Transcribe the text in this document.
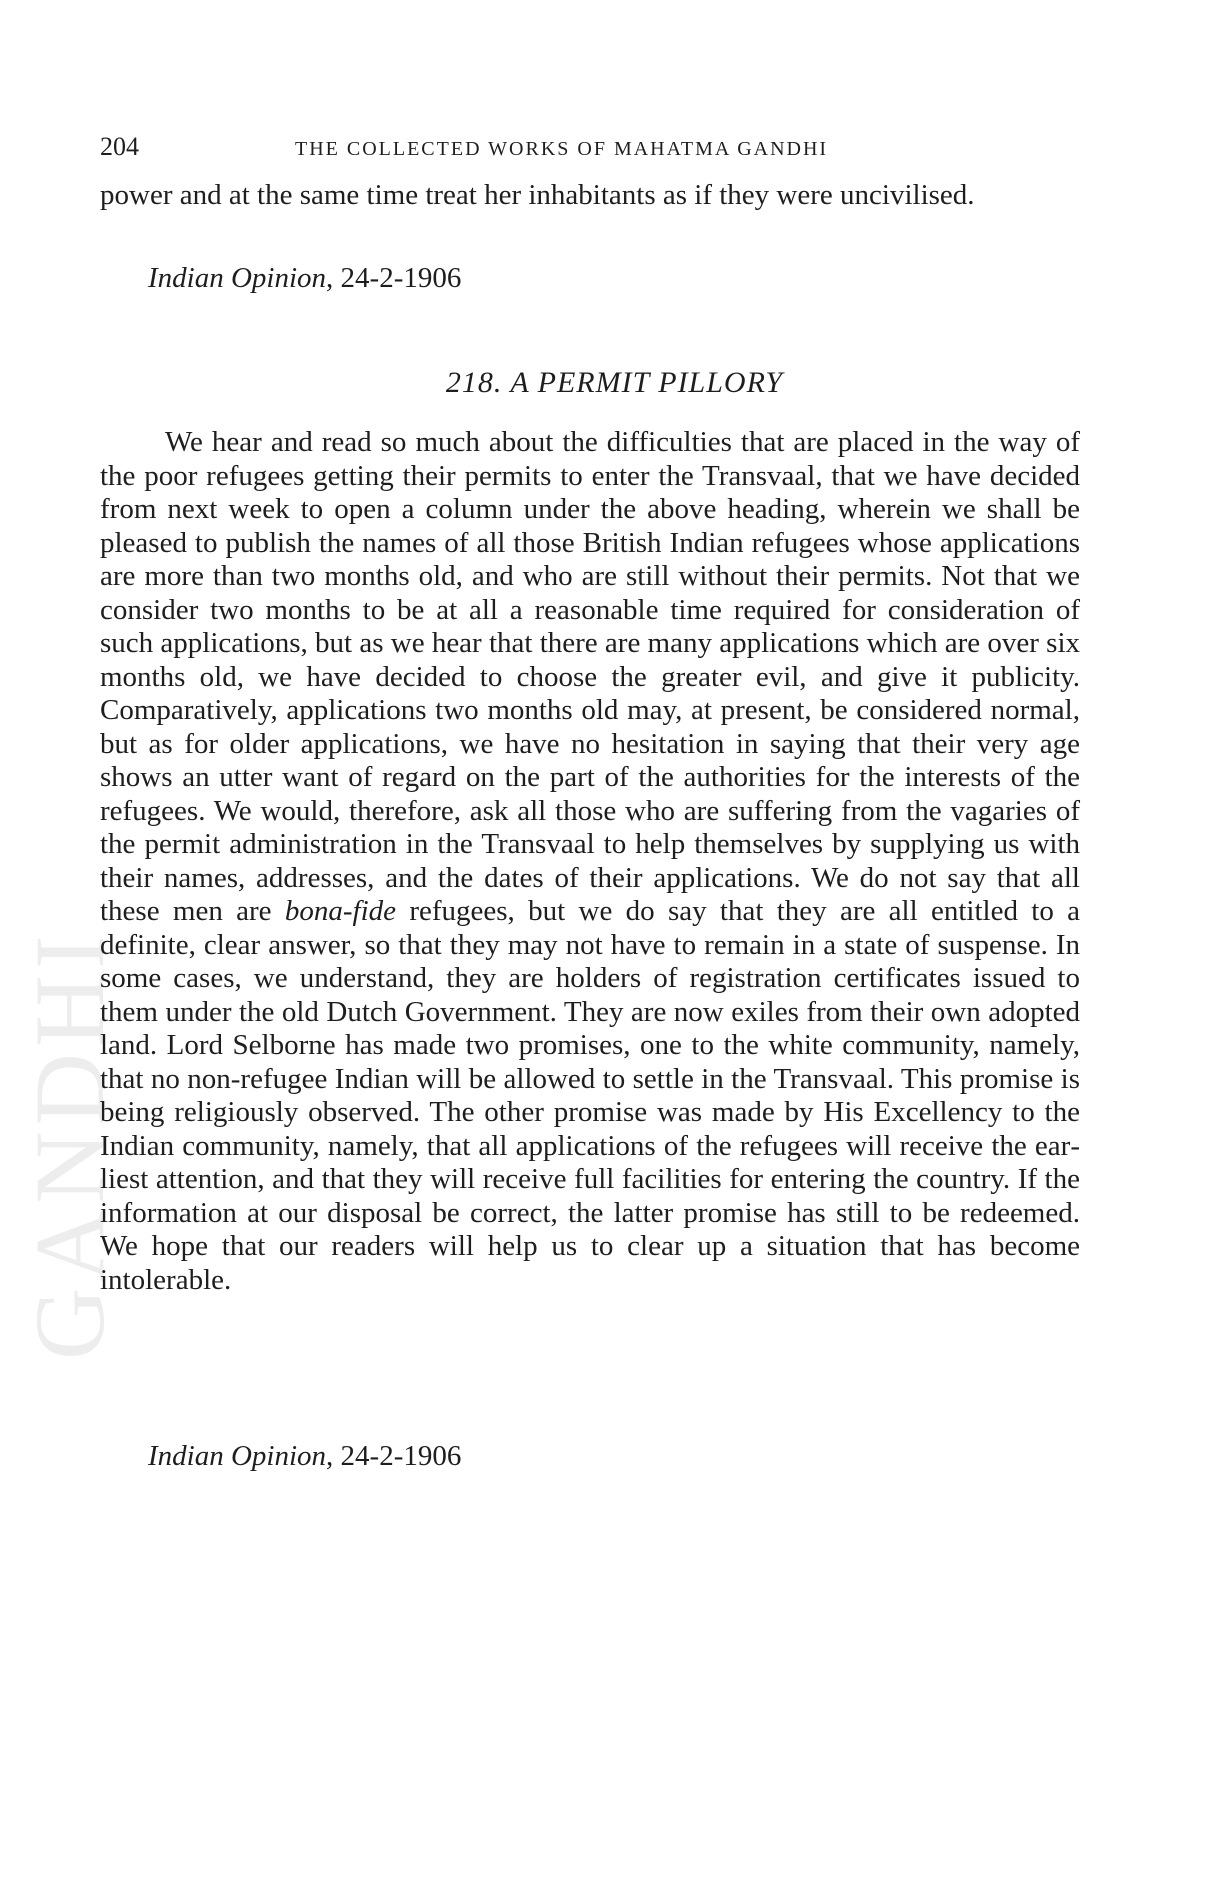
GANDHI
204	THE COLLECTED WORKS OF MAHATMA GANDHI

power and at the same time treat her inhabitants as if they were uncivilised.

Indian Opinion, 24-2-1906
218. A PERMIT PILLORY

We hear and read so much about the difficulties that are placed in the way of the poor refugees getting their permits to enter the Transvaal, that we have decided from next week to open a column under the above heading, wherein we shall be pleased to publish the names of all those British Indian refugees whose applications are more than two months old, and who are still without their permits. Not that we consider two months to be at all a reasonable time required for consideration of such applications, but as we hear that there are many applications which are over six months old, we have decided to choose the greater evil, and give it publicity. Comparatively, applications two months old may, at present, be considered normal, but as for older applications, we have no hesitation in saying that their very age shows an utter want of regard on the part of the authorities for the interests of the refugees. We would, therefore, ask all those who are suffering from the vagaries of the permit administration in the Transvaal to help themselves by supplying us with their names, addresses, and the dates of their applications. We do not say that all these men are bona-fide refugees, but we do say that they are all entitled to a definite, clear answer, so that they may not have to remain in a state of suspense. In some cases, we understand, they are holders of registration certificates issued to them under the old Dutch Government. They are now exiles from their own adopted land. Lord Selborne has made two promises, one to the white community, namely, that no non-refugee Indian will be allowed to settle in the Transvaal. This promise is being religiously observed. The other promise was made by His Excellency to the Indian community, namely, that all applications of the refugees will receive the earliest attention, and that they will receive full facilities for entering the country. If the information at our disposal be correct, the latter promise has still to be redeemed. We hope that our readers will help us to clear up a situation that has become intolerable.

Indian Opinion, 24-2-1906
